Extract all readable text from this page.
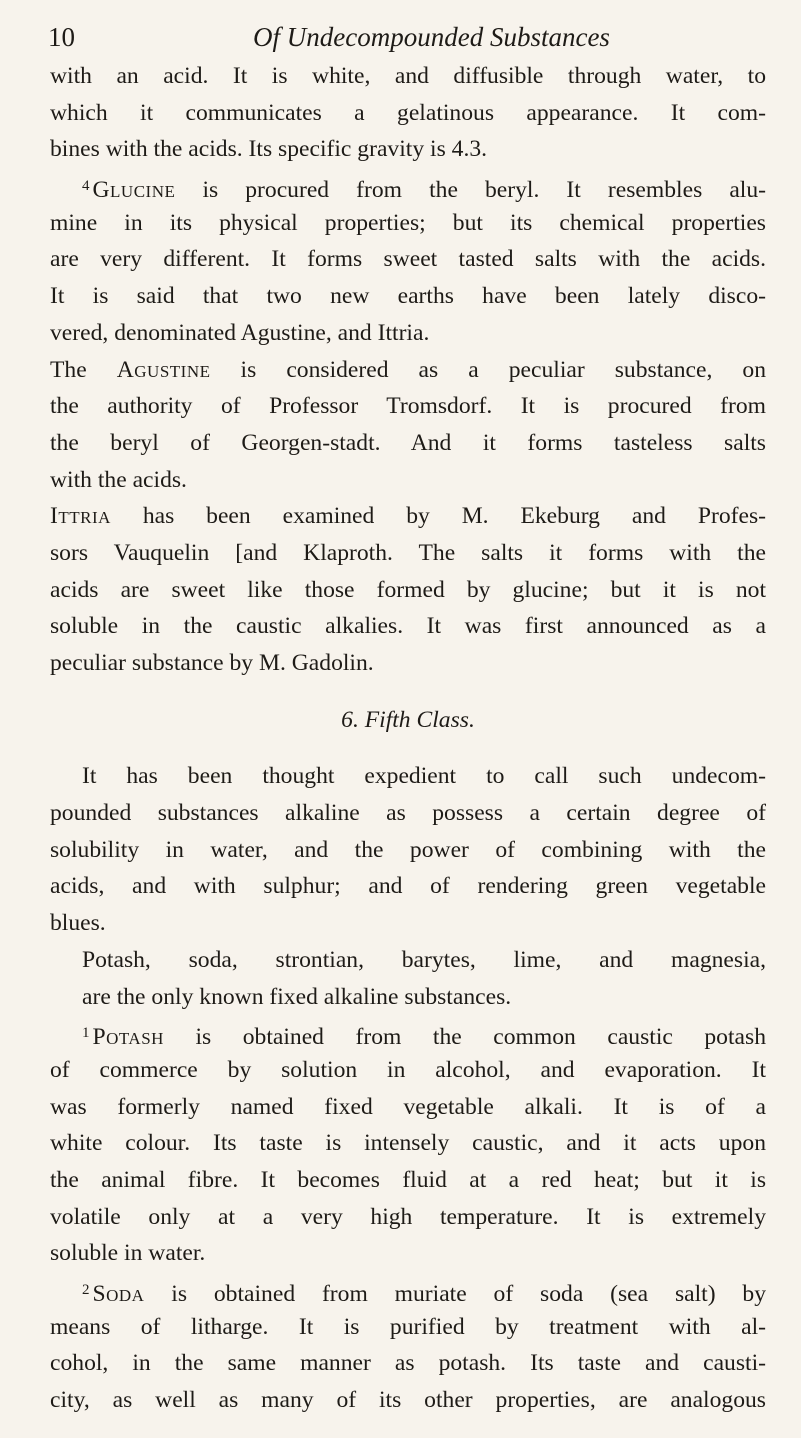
10	Of Undecompounded Substances
with an acid. It is white, and diffusible through water, to
which it communicates a gelatinous appearance. It com-
bines with the acids. Its specific gravity is 4.3.
$^4$ Glucine is procured from the beryl. It resembles alu-
mine in its physical properties; but its chemical properties
are very different. It forms sweet tasted salts with the acids.
It is said that two new earths have been lately disco-
vered, denominated Agustine, and Ittria.
The Agustine is considered as a peculiar substance, on
the authority of Professor Tromsdorf. It is procured from
the beryl of Georgen-stadt. And it forms tasteless salts
with the acids.
Ittria has been examined by M. Ekeburg and Profes-
sors Vauquelin [and Klaproth. The salts it forms with the
acids are sweet like those formed by glucine; but it is not
soluble in the caustic alkalies. It was first announced as a
peculiar substance by M. Gadolin.
6. Fifth Class.
It has been thought expedient to call such undecom-
pounded substances alkaline as possess a certain degree of
solubility in water, and the power of combining with the
acids, and with sulphur; and of rendering green vegetable
blues.
Potash, soda, strontian, barytes, lime, and magnesia,
are the only known fixed alkaline substances.
$^1$ Potash is obtained from the common caustic potash
of commerce by solution in alcohol, and evaporation. It
was formerly named fixed vegetable alkali. It is of a
white colour. Its taste is intensely caustic, and it acts upon
the animal fibre. It becomes fluid at a red heat; but it is
volatile only at a very high temperature. It is extremely
soluble in water.
$^2$ Soda is obtained from muriate of soda (sea salt) by
means of litharge. It is purified by treatment with al-
cohol, in the same manner as potash. Its taste and causti-
city, as well as many of its other properties, are analogous
